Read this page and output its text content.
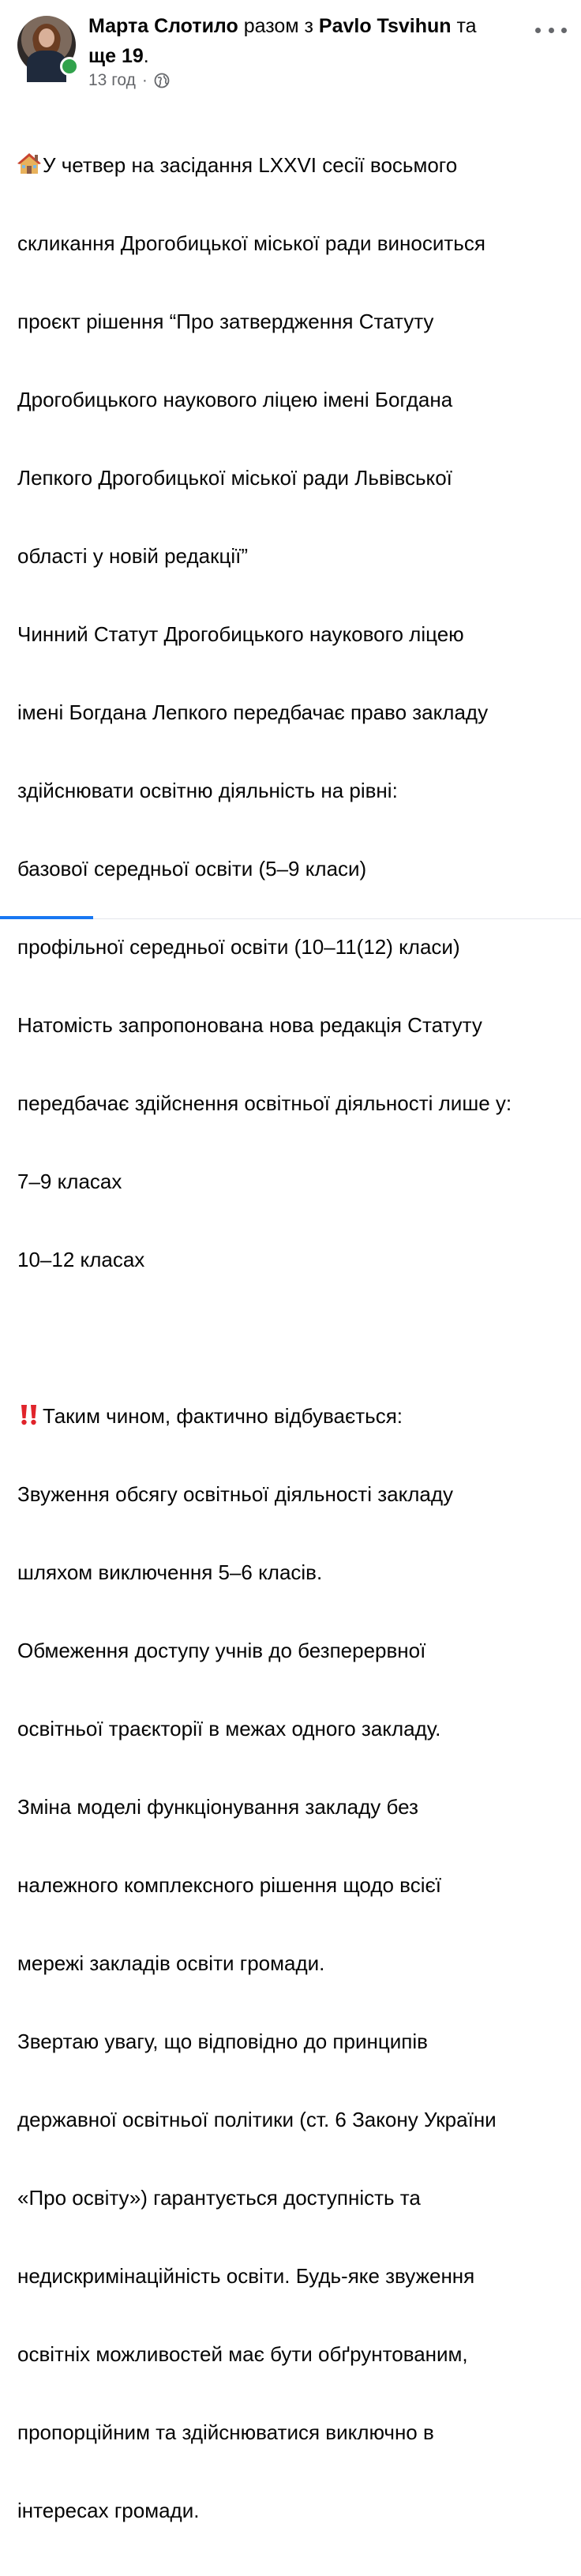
Марта Слотило разом з Pavlo Tsvihun та
ще 19.
13 год ·

У четвер на засідання LXXVI сесії восьмого

скликання Дрогобицької міської ради виноситься

проєкт рішення “Про затвердження Статуту

Дрогобицького наукового ліцею імені Богдана

Лепкого Дрогобицької міської ради Львівської

області у новій редакції”

Чинний Статут Дрогобицького наукового ліцею

імені Богдана Лепкого передбачає право закладу

здійснювати освітню діяльність на рівні:

базової середньої освіти (5–9 класи)

профільної середньої освіти (10–11(12) класи)

Натомість запропонована нова редакція Статуту

передбачає здійснення освітньої діяльності лише у:

7–9 класах

10–12 класах

Таким чином, фактично відбувається:

Звуження обсягу освітньої діяльності закладу

шляхом виключення 5–6 класів.

Обмеження доступу учнів до безперервної

освітньої траєкторії в межах одного закладу.

Зміна моделі функціонування закладу без

належного комплексного рішення щодо всієї

мережі закладів освіти громади.

Звертаю увагу, що відповідно до принципів

державної освітньої політики (ст. 6 Закону України

«Про освіту») гарантується доступність та

недискримінаційність освіти. Будь-яке звуження

освітніх можливостей має бути обґрунтованим,

пропорційним та здійснюватися виключно в

інтересах громади.
